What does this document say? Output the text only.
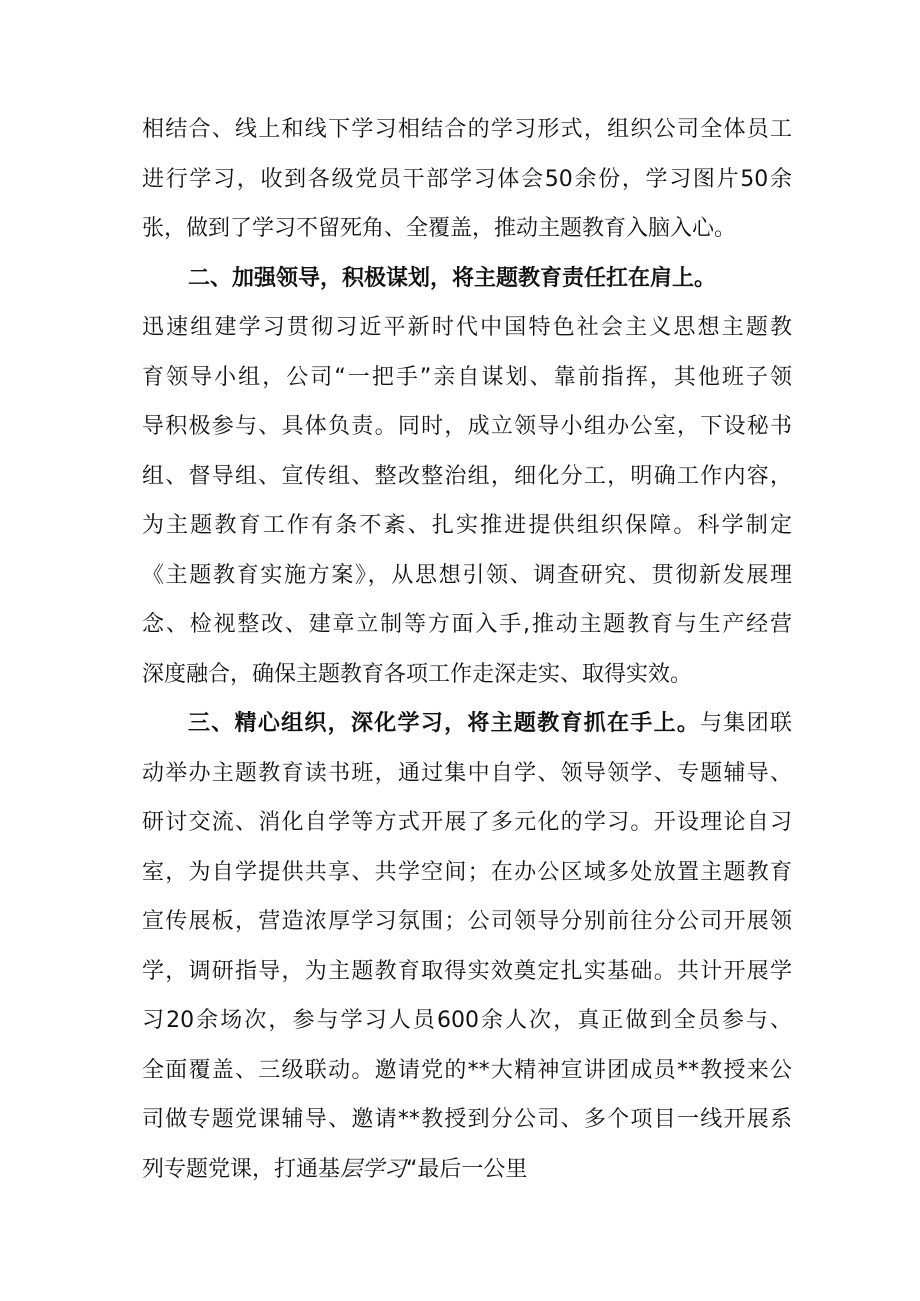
相结合、线上和线下学习相结合的学习形式，组织公司全体员工
进行学习，收到各级党员干部学习体会50余份，学习图片50余
张，做到了学习不留死角、全覆盖，推动主题教育入脑入心。
二、加强领导，积极谋划，将主题教育责任扛在肩上。
迅速组建学习贯彻习近平新时代中国特色社会主义思想主题教
育领导小组，公司“一把手”亲自谋划、靠前指挥，其他班子领
导积极参与、具体负责。同时，成立领导小组办公室，下设秘书
组、督导组、宣传组、整改整治组，细化分工，明确工作内容，
为主题教育工作有条不紊、扎实推进提供组织保障。科学制定
《主题教育实施方案》，从思想引领、调查研究、贯彻新发展理
念、检视整改、建章立制等方面入手,推动主题教育与生产经营
深度融合，确保主题教育各项工作走深走实、取得实效。
三、精心组织，深化学习，将主题教育抓在手上。与集团联
动举办主题教育读书班，通过集中自学、领导领学、专题辅导、
研讨交流、消化自学等方式开展了多元化的学习。开设理论自习
室，为自学提供共享、共学空间；在办公区域多处放置主题教育
宣传展板，营造浓厚学习氛围；公司领导分别前往分公司开展领
学，调研指导，为主题教育取得实效奠定扎实基础。共计开展学
习20余场次，参与学习人员600余人次，真正做到全员参与、
全面覆盖、三级联动。邀请党的**大精神宣讲团成员**教授来公
司做专题党课辅导、邀请**教授到分公司、多个项目一线开展系
列专题党课，打通基层学习“最后一公里
